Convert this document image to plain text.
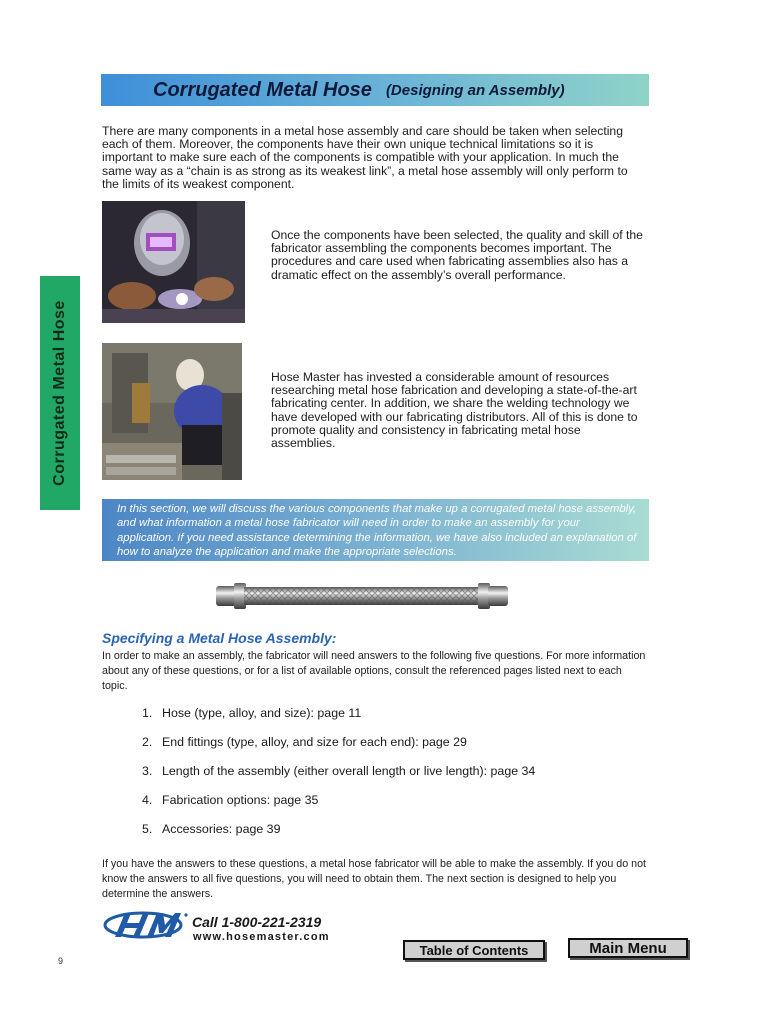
Corrugated Metal Hose (Designing an Assembly)
Corrugated Metal Hose

There are many components in a metal hose assembly and care should be taken when selecting each of them. Moreover, the components have their own unique technical limitations so it is important to make sure each of the components is compatible with your application. In much the same way as a “chain is as strong as its weakest link”, a metal hose assembly will only perform to the limits of its weakest component.

Once the components have been selected, the quality and skill of the fabricator assembling the components becomes important. The procedures and care used when fabricating assemblies also has a dramatic effect on the assembly’s overall performance.

Hose Master has invested a considerable amount of resources researching metal hose fabrication and developing a state-of-the-art fabricating center. In addition, we share the welding technology we have developed with our fabricating distributors. All of this is done to promote quality and consistency in fabricating metal hose assemblies.

In this section, we will discuss the various components that make up a corrugated metal hose assembly, and what information a metal hose fabricator will need in order to make an assembly for your application. If you need assistance determining the information, we have also included an explanation of how to analyze the application and make the appropriate selections.
Specifying a Metal Hose Assembly:

In order to make an assembly, the fabricator will need answers to the following five questions. For more information about any of these questions, or for a list of available options, consult the referenced pages listed next to each topic.

1. Hose (type, alloy, and size): page 11
2. End fittings (type, alloy, and size for each end): page 29
3. Length of the assembly (either overall length or live length): page 34
4. Fabrication options: page 35
5. Accessories: page 39

If you have the answers to these questions, a metal hose fabricator will be able to make the assembly. If you do not know the answers to all five questions, you will need to obtain them. The next section is designed to help you determine the answers.

Call 1-800-221-2319
www.hosemaster.com
Table of Contents	Main Menu
9
